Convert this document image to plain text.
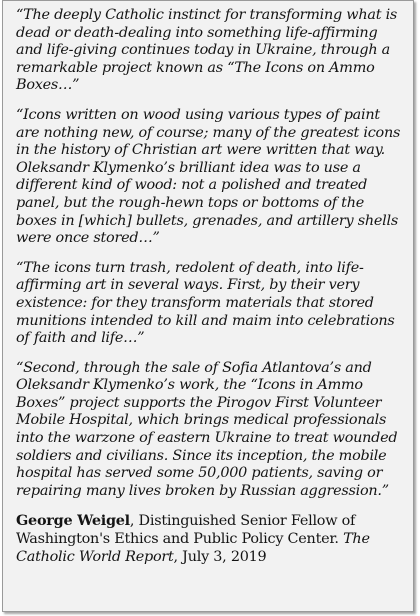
“The deeply Catholic instinct for transforming what is dead or death-dealing into something life-affirming and life-giving continues today in Ukraine, through a remarkable project known as “The Icons on Ammo Boxes…”

“Icons written on wood using various types of paint are nothing new, of course; many of the greatest icons in the history of Christian art were written that way. Oleksandr Klymenko’s brilliant idea was to use a different kind of wood: not a polished and treated panel, but the rough-hewn tops or bottoms of the boxes in [which] bullets, grenades, and artillery shells were once stored…”

“The icons turn trash, redolent of death, into life-affirming art in several ways. First, by their very existence: for they transform materials that stored munitions intended to kill and maim into celebrations of faith and life…”

“Second, through the sale of Sofia Atlantova’s and Oleksandr Klymenko’s work, the “Icons in Ammo Boxes” project supports the Pirogov First Volunteer Mobile Hospital, which brings medical professionals into the warzone of eastern Ukraine to treat wounded soldiers and civilians. Since its inception, the mobile hospital has served some 50,000 patients, saving or repairing many lives broken by Russian aggression.”

George Weigel, Distinguished Senior Fellow of Washington's Ethics and Public Policy Center. The Catholic World Report, July 3, 2019
